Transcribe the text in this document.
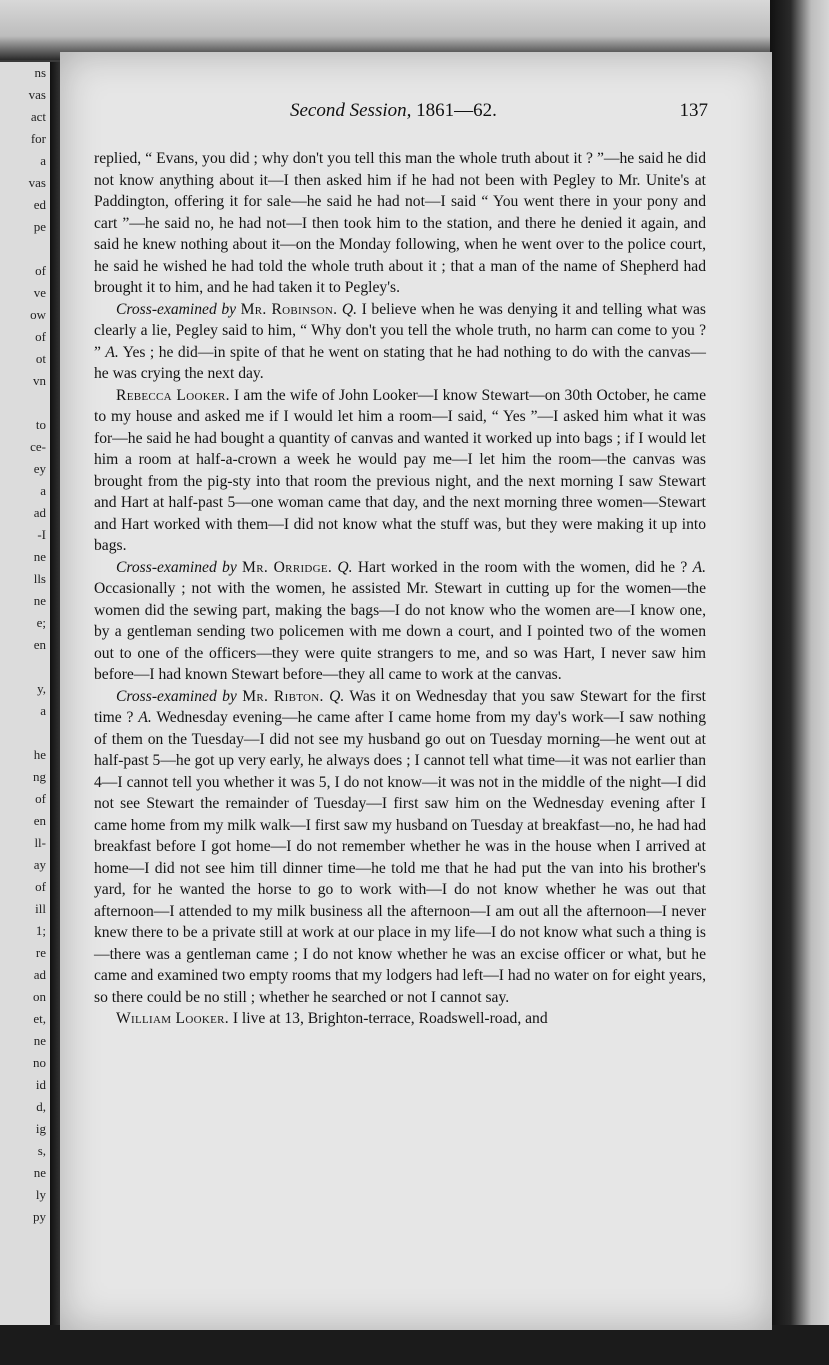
ns
vas
act
for
a
vas
ed
pe
of
ve
ow
of
ot
vn
to
ce-
ey
a
ad
-I
ne
lls
ne
e;
en
y,
a
he
ng
of
en
ll-
ay
of
ill
1;
re
ad
on
et,
ne
no
id
d,
ig
s,
ne
ly
py
Second Session, 1861—62.	137

replied, “ Evans, you did ; why don't you tell this man the whole truth about it ? ”—he said he did not know anything about it—I then asked him if he had not been with Pegley to Mr. Unite's at Paddington, offering it for sale—he said he had not—I said “ You went there in your pony and cart ”—he said no, he had not—I then took him to the station, and there he denied it again, and said he knew nothing about it—on the Monday following, when he went over to the police court, he said he wished he had told the whole truth about it ; that a man of the name of Shepherd had brought it to him, and he had taken it to Pegley's.

Cross-examined by Mr. Robinson. Q. I believe when he was denying it and telling what was clearly a lie, Pegley said to him, “ Why don't you tell the whole truth, no harm can come to you ? ” A. Yes ; he did—in spite of that he went on stating that he had nothing to do with the canvas—he was crying the next day.

Rebecca Looker. I am the wife of John Looker—I know Stewart—on 30th October, he came to my house and asked me if I would let him a room—I said, “ Yes ”—I asked him what it was for—he said he had bought a quantity of canvas and wanted it worked up into bags ; if I would let him a room at half-a-crown a week he would pay me—I let him the room—the canvas was brought from the pig-sty into that room the previous night, and the next morning I saw Stewart and Hart at half-past 5—one woman came that day, and the next morning three women—Stewart and Hart worked with them—I did not know what the stuff was, but they were making it up into bags.

Cross-examined by Mr. Orridge. Q. Hart worked in the room with the women, did he ? A. Occasionally ; not with the women, he assisted Mr. Stewart in cutting up for the women—the women did the sewing part, making the bags—I do not know who the women are—I know one, by a gentleman sending two policemen with me down a court, and I pointed two of the women out to one of the officers—they were quite strangers to me, and so was Hart, I never saw him before—I had known Stewart before—they all came to work at the canvas.

Cross-examined by Mr. Ribton. Q. Was it on Wednesday that you saw Stewart for the first time ? A. Wednesday evening—he came after I came home from my day's work—I saw nothing of them on the Tuesday—I did not see my husband go out on Tuesday morning—he went out at half-past 5—he got up very early, he always does ; I cannot tell what time—it was not earlier than 4—I cannot tell you whether it was 5, I do not know—it was not in the middle of the night—I did not see Stewart the remainder of Tuesday—I first saw him on the Wednesday evening after I came home from my milk walk—I first saw my husband on Tuesday at breakfast—no, he had had breakfast before I got home—I do not remember whether he was in the house when I arrived at home—I did not see him till dinner time—he told me that he had put the van into his brother's yard, for he wanted the horse to go to work with—I do not know whether he was out that afternoon—I attended to my milk business all the afternoon—I am out all the afternoon—I never knew there to be a private still at work at our place in my life—I do not know what such a thing is—there was a gentleman came ; I do not know whether he was an excise officer or what, but he came and examined two empty rooms that my lodgers had left—I had no water on for eight years, so there could be no still ; whether he searched or not I cannot say.

William Looker. I live at 13, Brighton-terrace, Roadswell-road, and
